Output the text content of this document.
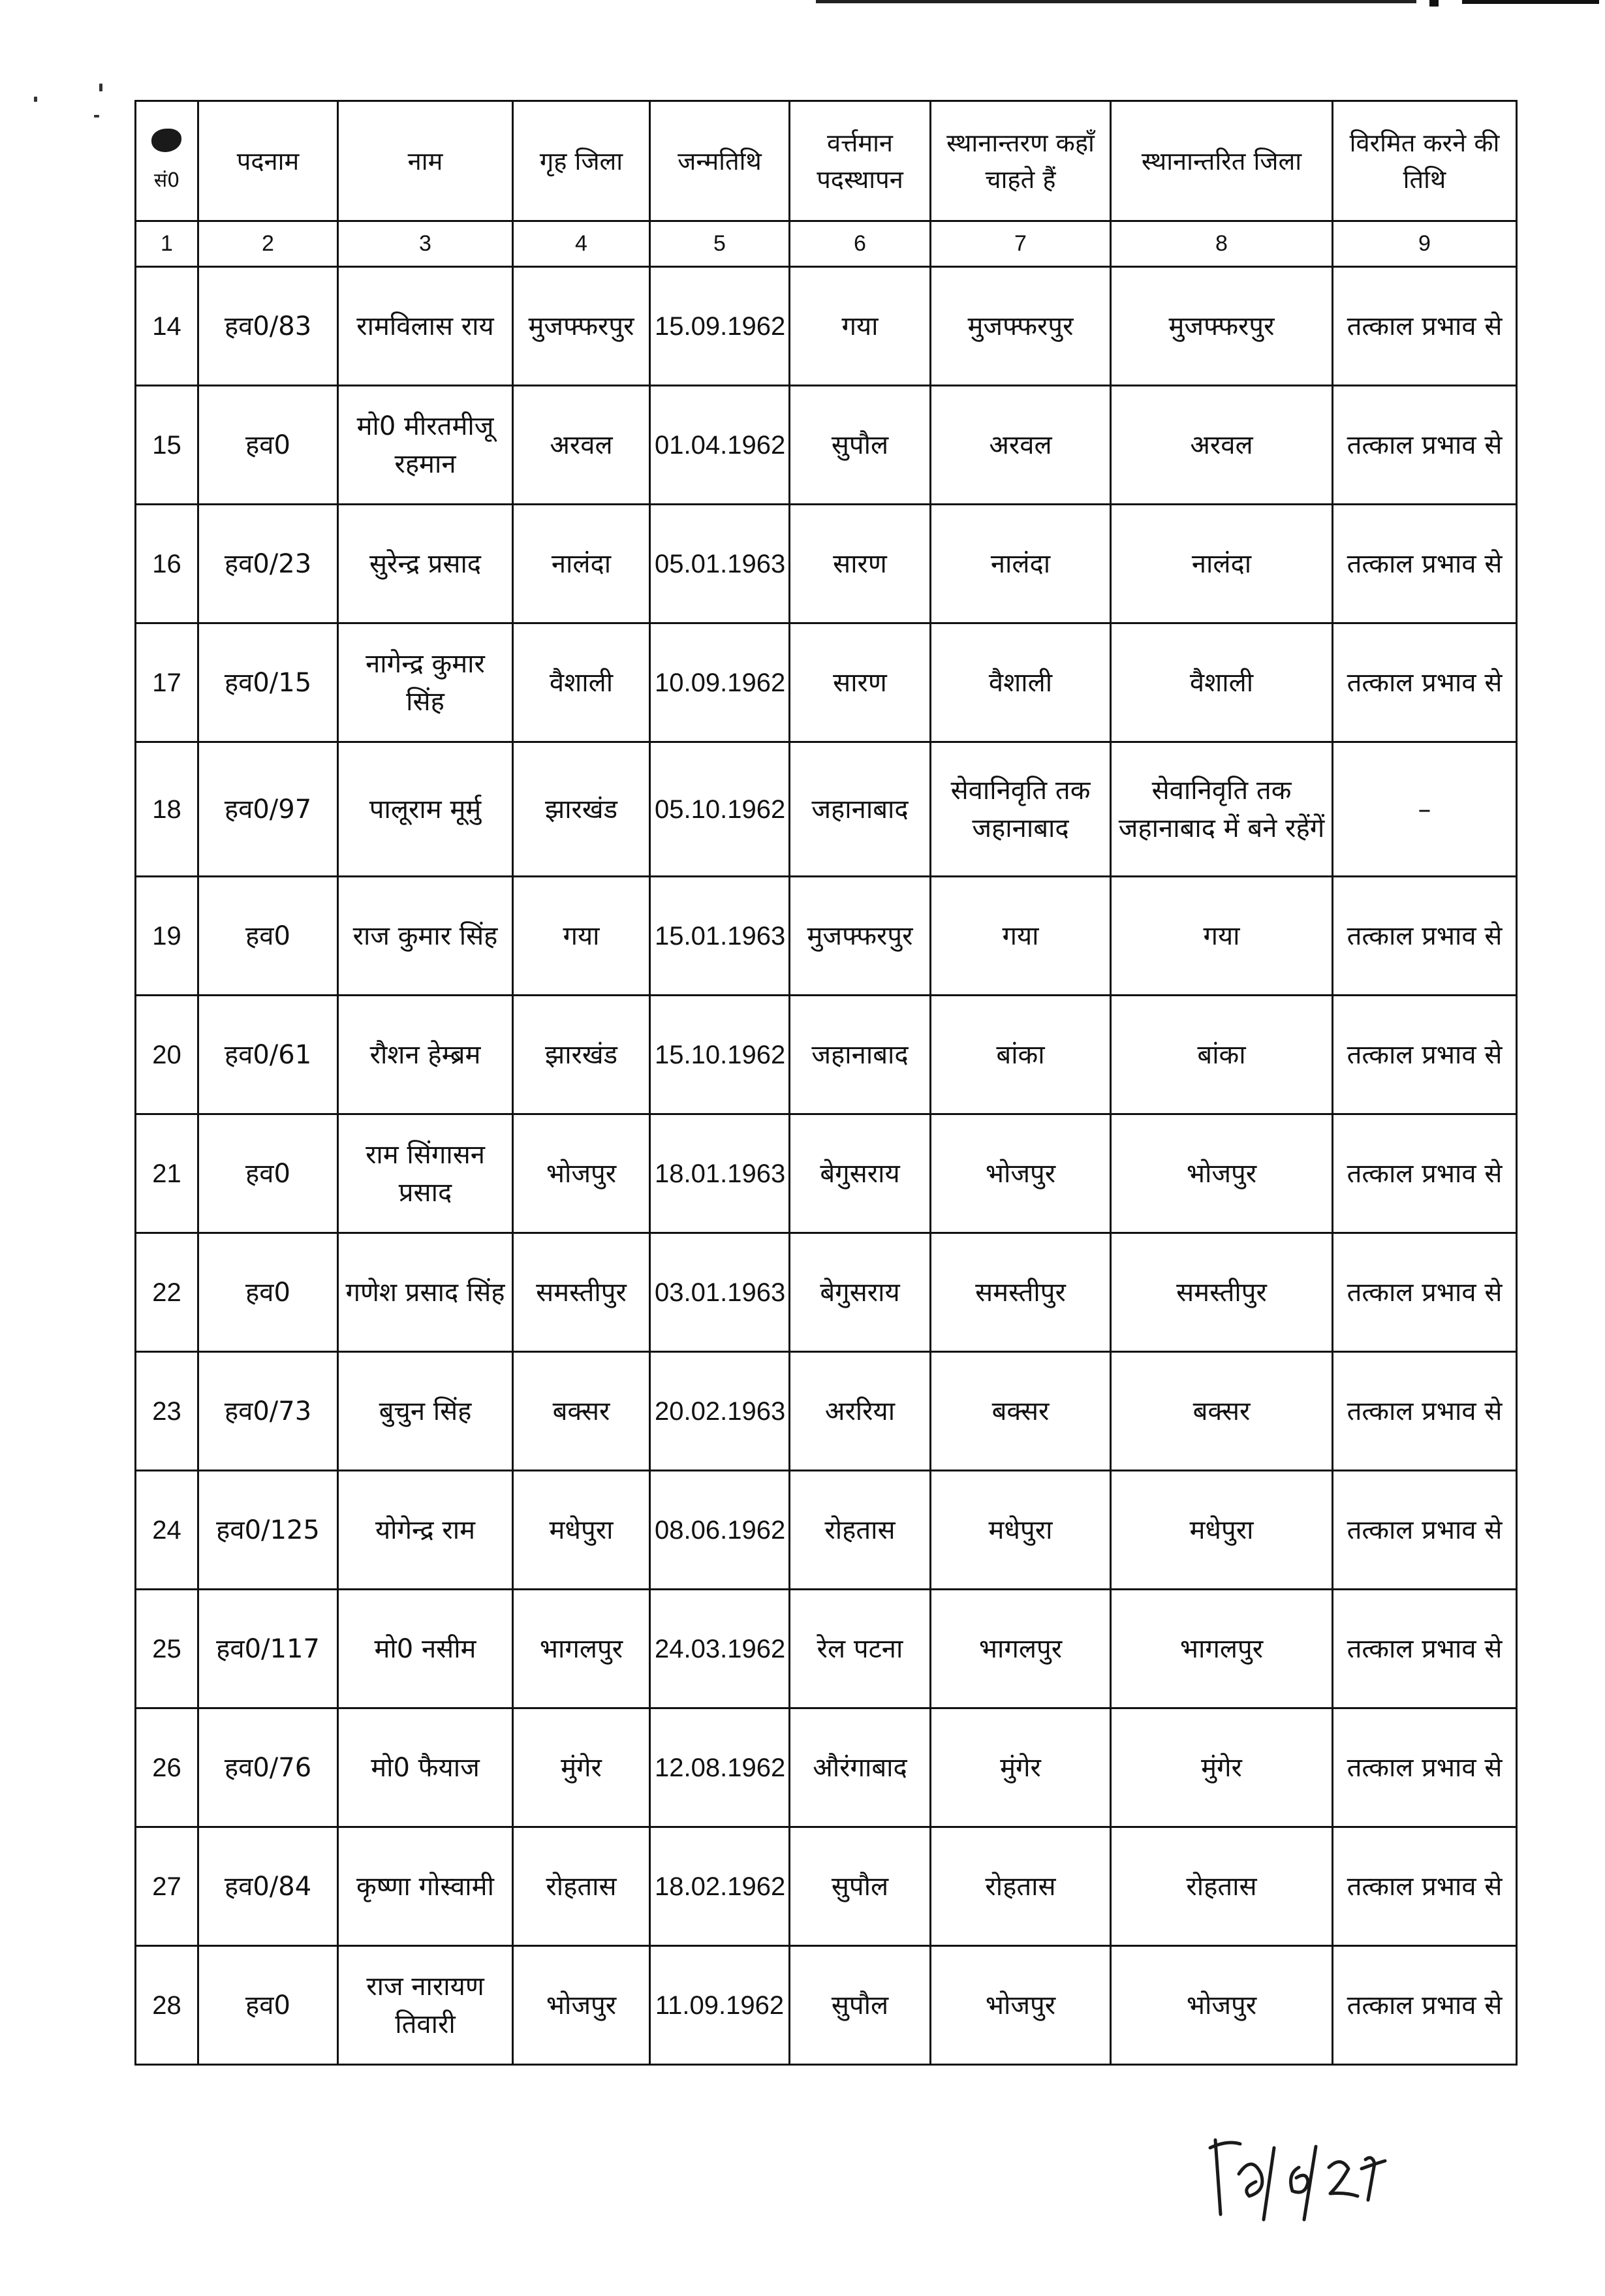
सं0	पदनाम	नाम	गृह जिला	जन्मतिथि	वर्त्तमान पदस्थापन	स्थानान्तरण कहाँ चाहते हैं	स्थानान्तरित जिला	विरमित करने की तिथि
1	2	3	4	5	6	7	8	9
14	हव0/83	रामविलास राय	मुजफ्फरपुर	15.09.1962	गया	मुजफ्फरपुर	मुजफ्फरपुर	तत्काल प्रभाव से
15	हव0	मो0 मीरतमीजू रहमान	अरवल	01.04.1962	सुपौल	अरवल	अरवल	तत्काल प्रभाव से
16	हव0/23	सुरेन्द्र प्रसाद	नालंदा	05.01.1963	सारण	नालंदा	नालंदा	तत्काल प्रभाव से
17	हव0/15	नागेन्द्र कुमार सिंह	वैशाली	10.09.1962	सारण	वैशाली	वैशाली	तत्काल प्रभाव से
18	हव0/97	पालूराम मूर्मु	झारखंड	05.10.1962	जहानाबाद	सेवानिवृति तक जहानाबाद	सेवानिवृति तक जहानाबाद में बने रहेंगें	–
19	हव0	राज कुमार सिंह	गया	15.01.1963	मुजफ्फरपुर	गया	गया	तत्काल प्रभाव से
20	हव0/61	रौशन हेम्ब्रम	झारखंड	15.10.1962	जहानाबाद	बांका	बांका	तत्काल प्रभाव से
21	हव0	राम सिंगासन प्रसाद	भोजपुर	18.01.1963	बेगुसराय	भोजपुर	भोजपुर	तत्काल प्रभाव से
22	हव0	गणेश प्रसाद सिंह	समस्तीपुर	03.01.1963	बेगुसराय	समस्तीपुर	समस्तीपुर	तत्काल प्रभाव से
23	हव0/73	बुचुन सिंह	बक्सर	20.02.1963	अररिया	बक्सर	बक्सर	तत्काल प्रभाव से
24	हव0/125	योगेन्द्र राम	मधेपुरा	08.06.1962	रोहतास	मधेपुरा	मधेपुरा	तत्काल प्रभाव से
25	हव0/117	मो0 नसीम	भागलपुर	24.03.1962	रेल पटना	भागलपुर	भागलपुर	तत्काल प्रभाव से
26	हव0/76	मो0 फैयाज	मुंगेर	12.08.1962	औरंगाबाद	मुंगेर	मुंगेर	तत्काल प्रभाव से
27	हव0/84	कृष्णा गोस्वामी	रोहतास	18.02.1962	सुपौल	रोहतास	रोहतास	तत्काल प्रभाव से
28	हव0	राज नारायण तिवारी	भोजपुर	11.09.1962	सुपौल	भोजपुर	भोजपुर	तत्काल प्रभाव से
